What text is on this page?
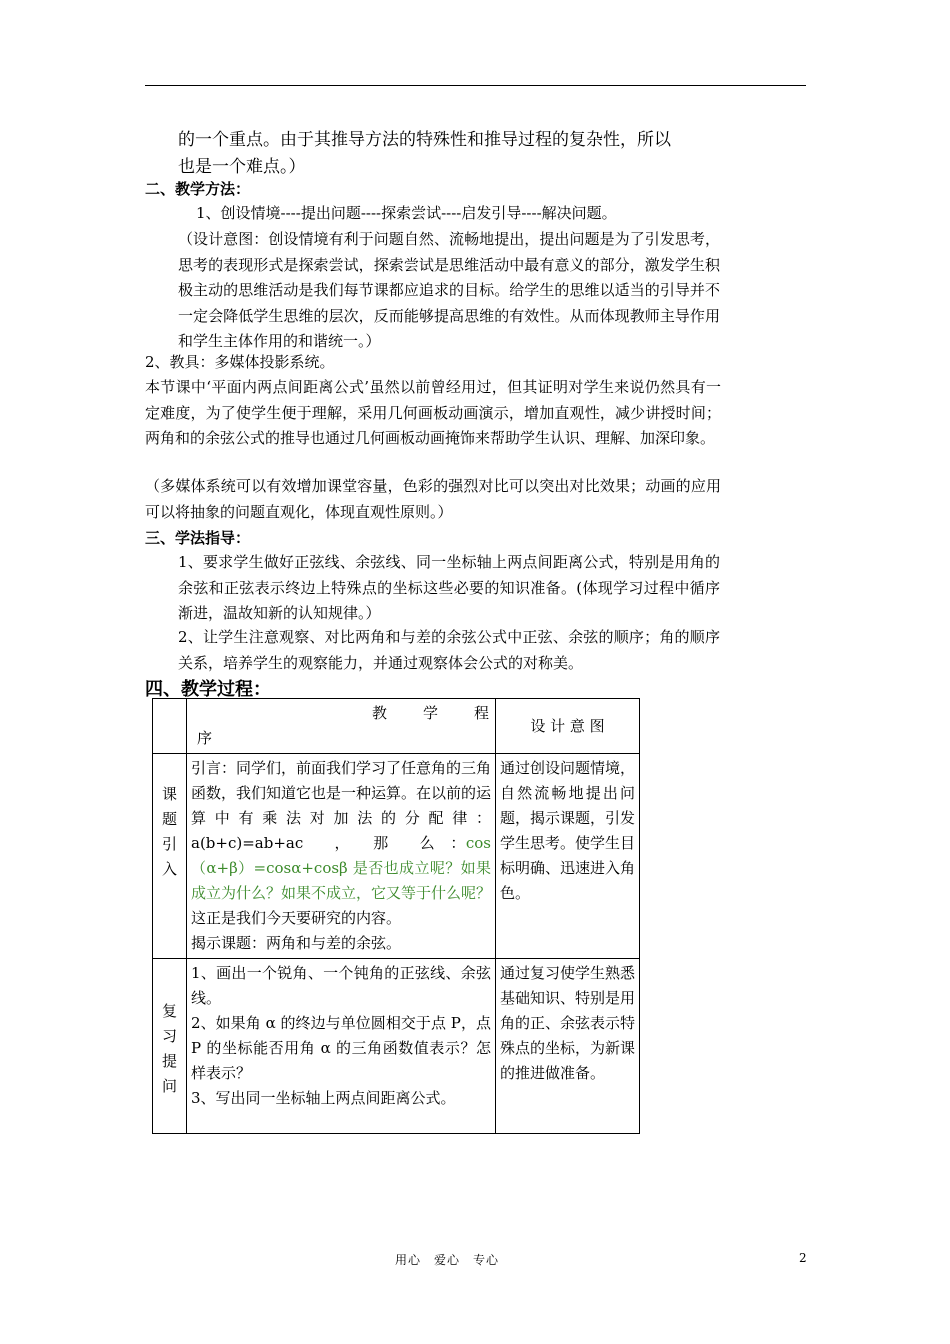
的一个重点。由于其推导方法的特殊性和推导过程的复杂性，所以
也是一个难点。）
二、教学方法：
1、创设情境----提出问题----探索尝试----启发引导----解决问题。
（设计意图：创设情境有利于问题自然、流畅地提出，提出问题是为了引发思考，思考的表现形式是探索尝试，探索尝试是思维活动中最有意义的部分，激发学生积极主动的思维活动是我们每节课都应追求的目标。给学生的思维以适当的引导并不一定会降低学生思维的层次，反而能够提高思维的有效性。从而体现教师主导作用和学生主体作用的和谐统一。）
2、教具：多媒体投影系统。
本节课中‘平面内两点间距离公式’虽然以前曾经用过，但其证明对学生来说仍然具有一定难度，为了使学生便于理解，采用几何画板动画演示，增加直观性，减少讲授时间；两角和的余弦公式的推导也通过几何画板动画掩饰来帮助学生认识、理解、加深印象。
（多媒体系统可以有效增加课堂容量，色彩的强烈对比可以突出对比效果；动画的应用可以将抽象的问题直观化，体现直观性原则。）
三、学法指导：
1、要求学生做好正弦线、余弦线、同一坐标轴上两点间距离公式，特别是用角的余弦和正弦表示终边上特殊点的坐标这些必要的知识准备。(体现学习过程中循序渐进，温故知新的认知规律。）
2、让学生注意观察、对比两角和与差的余弦公式中正弦、余弦的顺序；角的顺序关系，培养学生的观察能力，并通过观察体会公式的对称美。
四、教学过程：

	教　　学　　程
序	设 计 意 图
课题引入	引言：同学们，前面我们学习了任意角的三角函数，我们知道它也是一种运算。在以前的运算中有乘法对加法的分配律：a(b+c)=ab+ac　　，　　那　　么　：cos（α+β）=cosα+cosβ 是否也成立呢？如果成立为什么？如果不成立，它又等于什么呢？这正是我们今天要研究的内容。
揭示课题：两角和与差的余弦。	通过创设问题情境，自然流畅地提出问题，揭示课题，引发学生思考。使学生目标明确、迅速进入角色。
复习提问	1、画出一个锐角、一个钝角的正弦线、余弦线。
2、如果角 α 的终边与单位圆相交于点 P，点 P 的坐标能否用角 α 的三角函数值表示？怎样表示？
3、写出同一坐标轴上两点间距离公式。	通过复习使学生熟悉基础知识、特别是用角的正、余弦表示特殊点的坐标，为新课的推进做准备。
用心　爱心　专心	2
